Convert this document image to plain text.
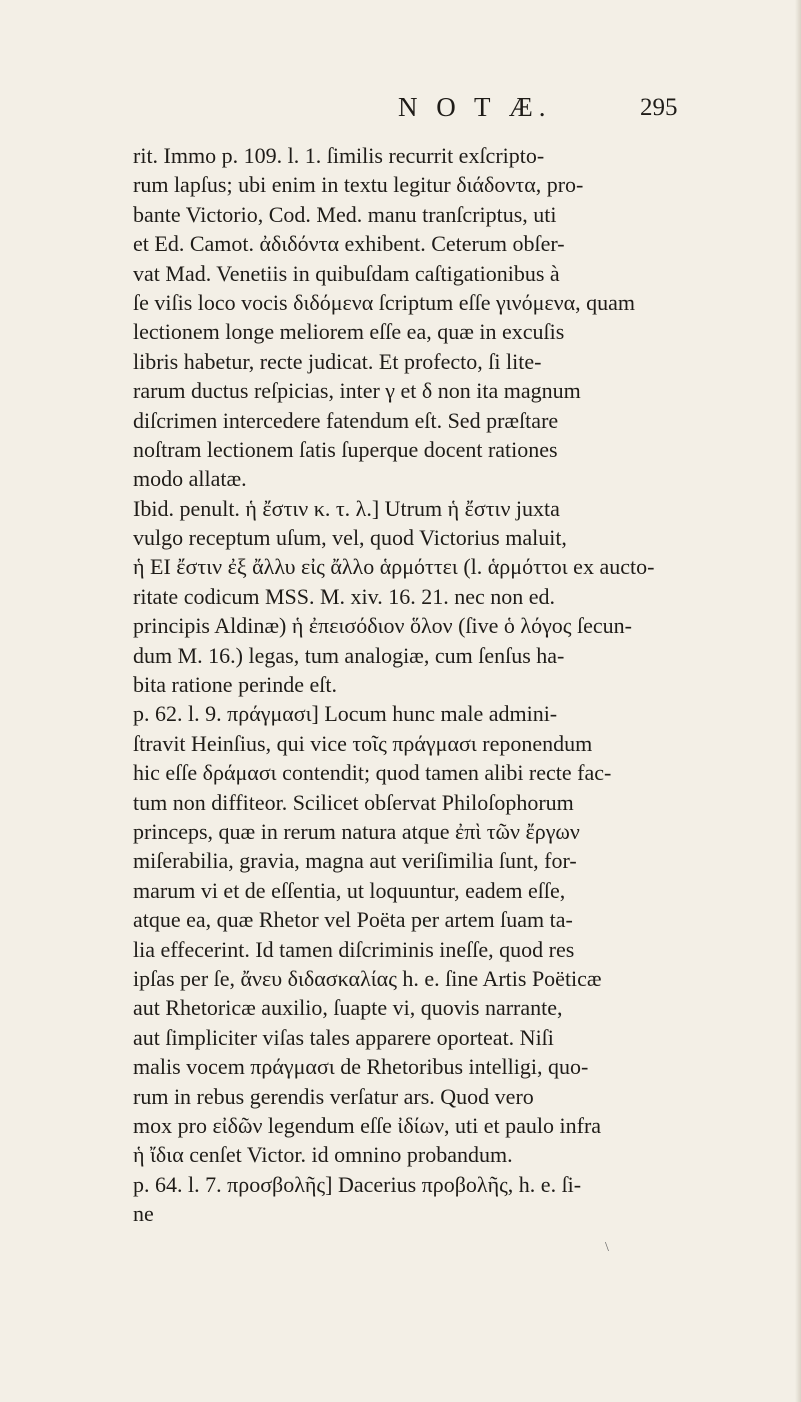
N O T Æ.	295
rit. Immo p. 109. l. 1. ſimilis recurrit exſcripto-
rum lapſus; ubi enim in textu legitur διάδοντα, pro-
bante Victorio, Cod. Med. manu tranſcriptus, uti
et Ed. Camot. ἀδιδόντα exhibent. Ceterum obſer-
vat Mad. Venetiis in quibuſdam caſtigationibus à
ſe viſis loco vocis διδόμενα ſcriptum eſſe γινόμενα, quam
lectionem longe meliorem eſſe ea, quæ in excuſis
libris habetur, recte judicat. Et profecto, ſi lite-
rarum ductus reſpicias, inter γ et δ non ita magnum
diſcrimen intercedere fatendum eſt. Sed præſtare
noſtram lectionem ſatis ſuperque docent rationes
modo allatæ.
Ibid. penult. ἡ ἔστιν κ. τ. λ.] Utrum ἡ ἔστιν juxta
vulgo receptum uſum, vel, quod Victorius maluit,
ἡ ΕΙ ἔστιν ἐξ ἄλλυ εἰς ἄλλο ἁρμόττει (l. ἁρμόττοι ex aucto-
ritate codicum MSS. M. xiv. 16. 21. nec non ed.
principis Aldinæ) ἡ ἐπεισόδιον ὅλον (ſive ὁ λόγος ſecun-
dum M. 16.) legas, tum analogiæ, cum ſenſus ha-
bita ratione perinde eſt.
p. 62. l. 9. πράγμασι] Locum hunc male admini-
ſtravit Heinſius, qui vice τοῖς πράγμασι reponendum
hic eſſe δράμασι contendit; quod tamen alibi recte fac-
tum non diffiteor. Scilicet obſervat Philoſophorum
princeps, quæ in rerum natura atque ἐπὶ τῶν ἔργων
miſerabilia, gravia, magna aut veriſimilia ſunt, for-
marum vi et de eſſentia, ut loquuntur, eadem eſſe,
atque ea, quæ Rhetor vel Poëta per artem ſuam ta-
lia effecerint. Id tamen diſcriminis ineſſe, quod res
ipſas per ſe, ἄνευ διδασκαλίας h. e. ſine Artis Poëticæ
aut Rhetoricæ auxilio, ſuapte vi, quovis narrante,
aut ſimpliciter viſas tales apparere oporteat. Niſi
malis vocem πράγμασι de Rhetoribus intelligi, quo-
rum in rebus gerendis verſatur ars. Quod vero
mox pro εἰδῶν legendum eſſe ἰδίων, uti et paulo infra
ἡ ἴδια cenſet Victor. id omnino probandum.
p. 64. l. 7. προσβολῆς] Dacerius προβολῆς, h. e. ſi-
ne
\
